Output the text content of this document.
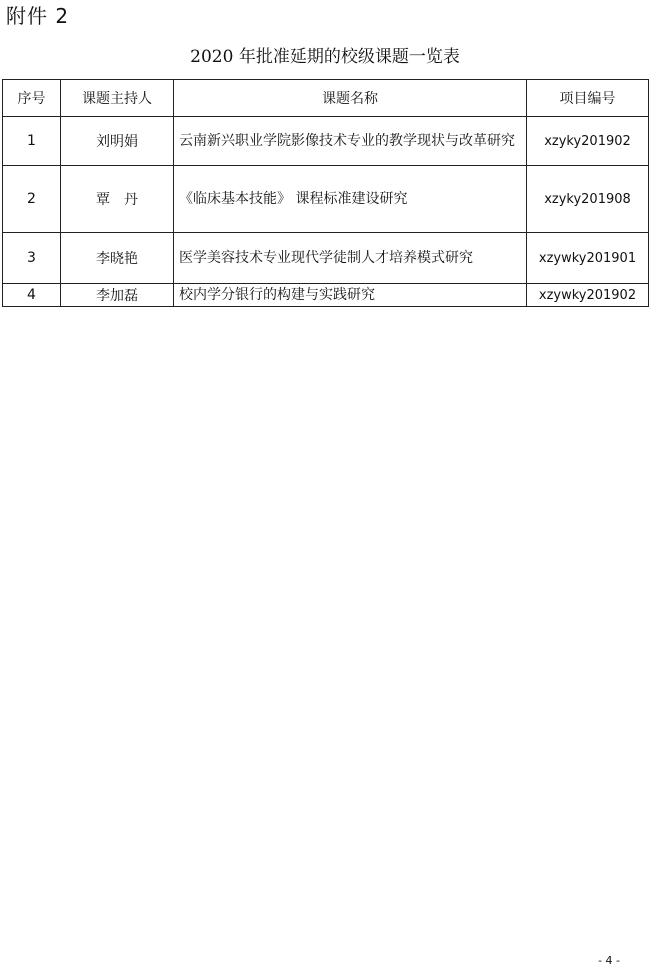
附件 2
2020 年批准延期的校级课题一览表
序号	课题主持人	课题名称	项目编号
1	刘明娟	云南新兴职业学院影像技术专业的教学现状与改革研究	xzyky201902
2	覃　丹	《临床基本技能》 课程标准建设研究	xzyky201908
3	李晓艳	医学美容技术专业现代学徒制人才培养模式研究	xzywky201901
4	李加磊	校内学分银行的构建与实践研究	xzywky201902
- 4 -
